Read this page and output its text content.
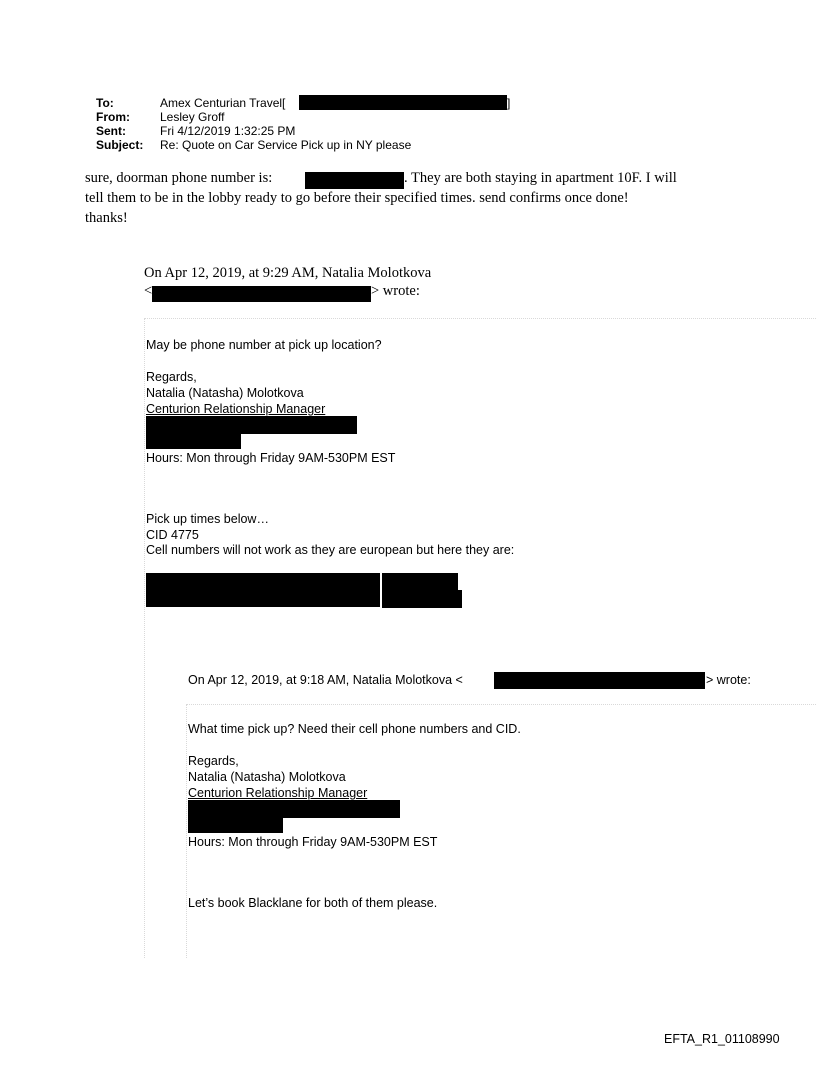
To:	Amex Centurian Travel[	]
From:	Lesley Groff
Sent:	Fri 4/12/2019 1:32:25 PM
Subject: Re: Quote on Car Service Pick up in NY please
sure, doorman phone number is:	. They are both staying in apartment 10F. I will
tell them to be in the lobby ready to go before their specified times. send confirms once done!
thanks!
On Apr 12, 2019, at 9:29 AM, Natalia Molotkova
<	> wrote:
May be phone number at pick up location?
Regards,
Natalia (Natasha) Molotkova
Centurion Relationship Manager
Hours: Mon through Friday 9AM-530PM EST
Pick up times below…
CID 4775
Cell numbers will not work as they are european but here they are:
On Apr 12, 2019, at 9:18 AM, Natalia Molotkova <	> wrote:
What time pick up? Need their cell phone numbers and CID.
Regards,
Natalia (Natasha) Molotkova
Centurion Relationship Manager
Hours: Mon through Friday 9AM-530PM EST
Let’s book Blacklane for both of them please.
EFTA_R1_01108990
